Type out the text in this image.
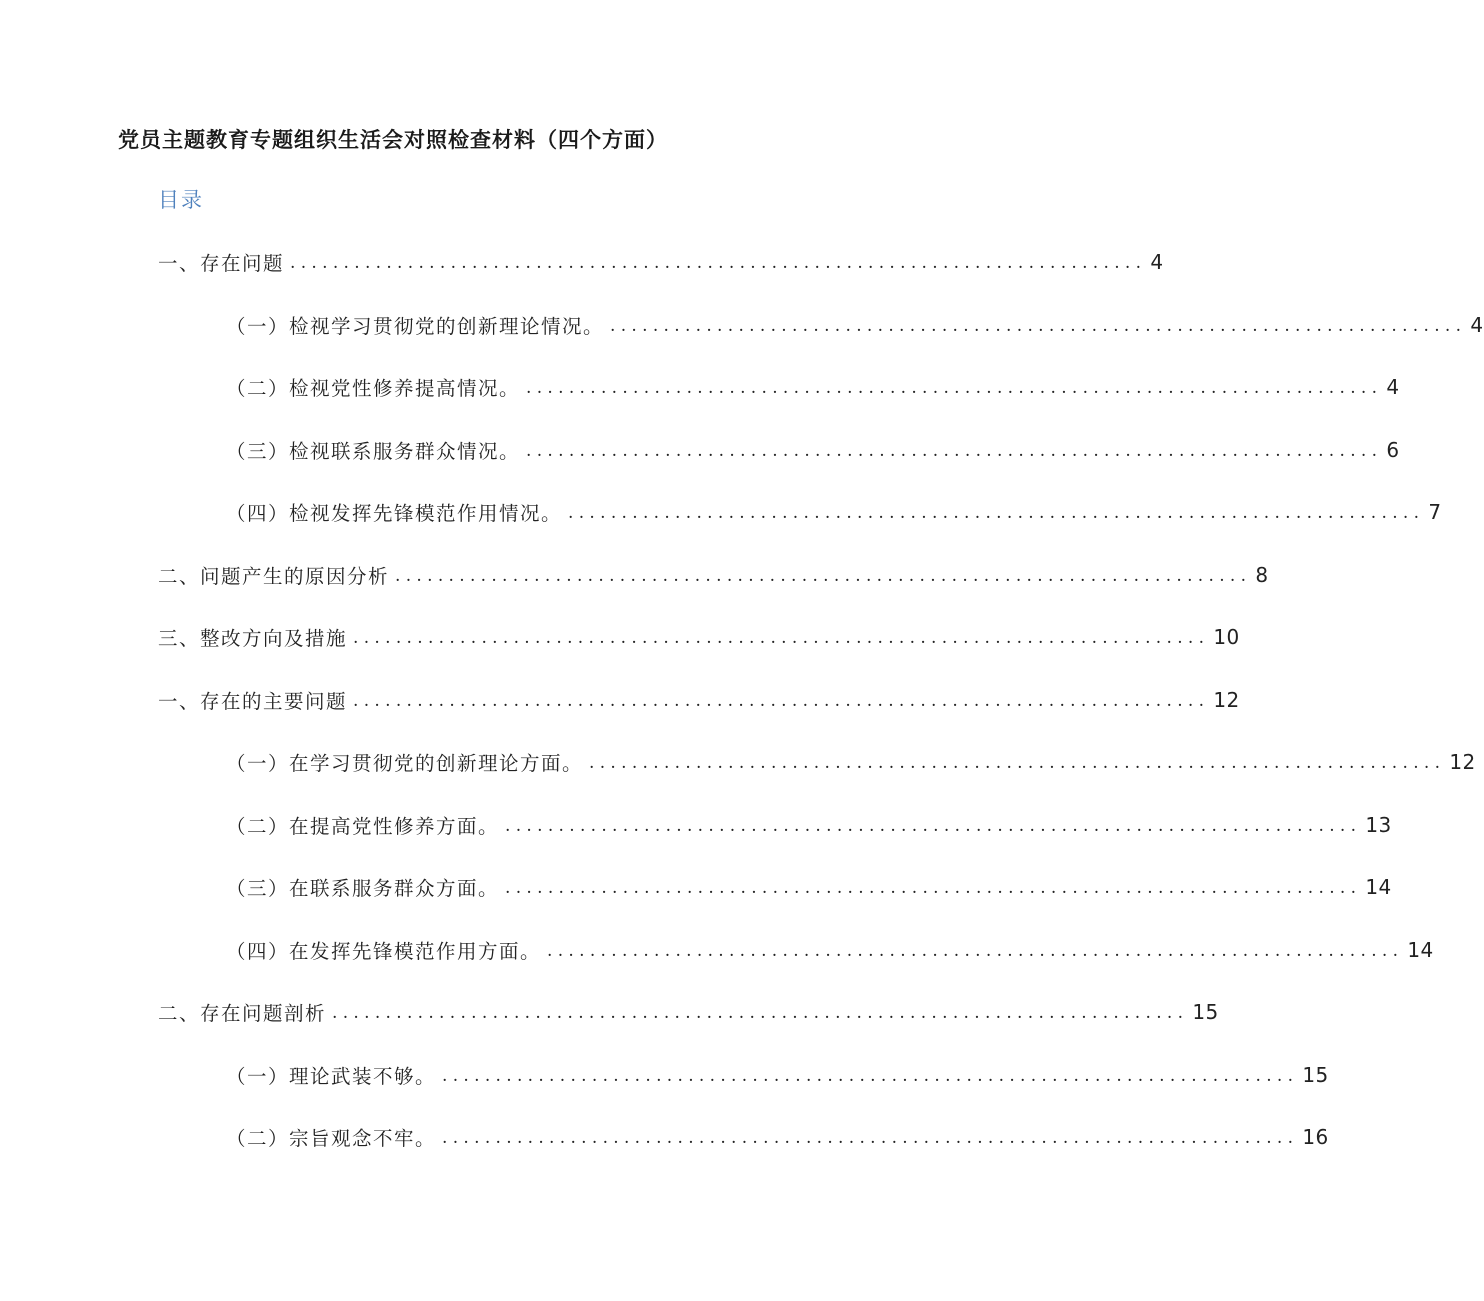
党员主题教育专题组织生活会对照检查材料（四个方面）
目录
一、存在问题 ................................................................................ 4
（一）检视学习贯彻党的创新理论情况。 ................................................................................ 4
（二）检视党性修养提高情况。 ................................................................................ 4
（三）检视联系服务群众情况。 ................................................................................ 6
（四）检视发挥先锋模范作用情况。 ................................................................................ 7
二、问题产生的原因分析 ................................................................................ 8
三、整改方向及措施 ................................................................................ 10
一、存在的主要问题 ................................................................................ 12
（一）在学习贯彻党的创新理论方面。 ................................................................................ 12
（二）在提高党性修养方面。 ................................................................................ 13
（三）在联系服务群众方面。 ................................................................................ 14
（四）在发挥先锋模范作用方面。 ................................................................................ 14
二、存在问题剖析 ................................................................................ 15
（一）理论武装不够。 ................................................................................ 15
（二）宗旨观念不牢。 ................................................................................ 16
